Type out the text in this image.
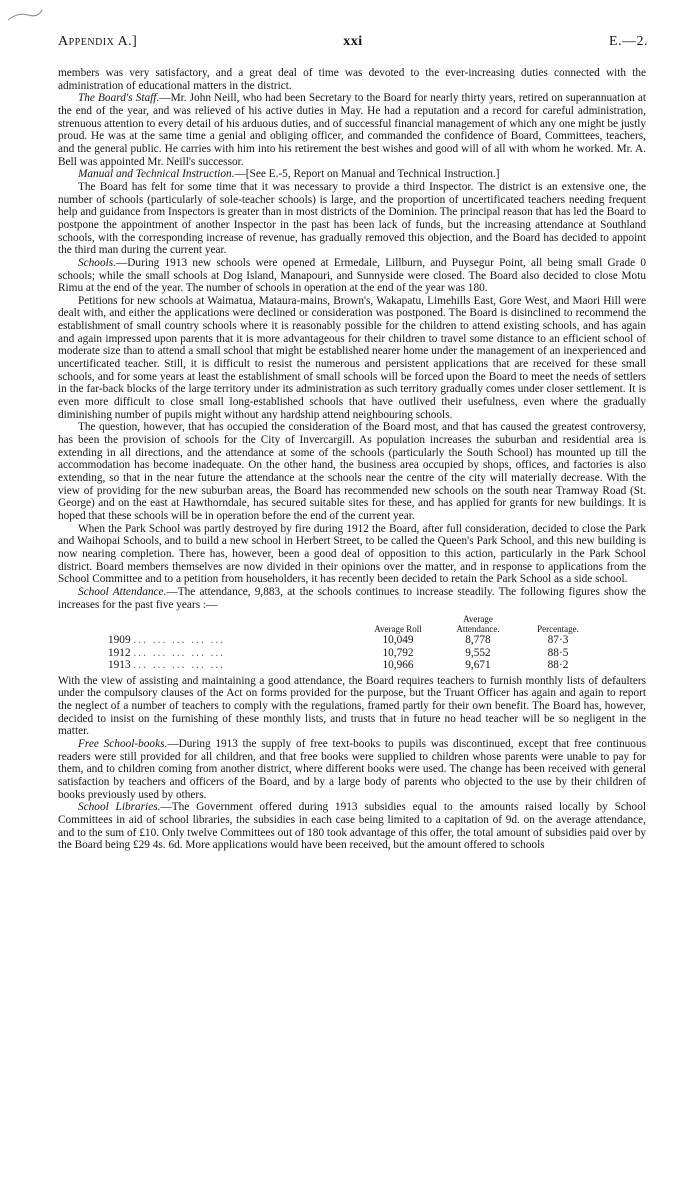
Appendix A.]	xxi	E.—2.

members was very satisfactory, and a great deal of time was devoted to the ever-increasing duties connected with the administration of educational matters in the district.

The Board's Staff.—Mr. John Neill, who had been Secretary to the Board for nearly thirty years, retired on superannuation at the end of the year, and was relieved of his active duties in May. He had a reputation and a record for careful administration, strenuous attention to every detail of his arduous duties, and of successful financial management of which any one might be justly proud. He was at the same time a genial and obliging officer, and commanded the confidence of Board, Committees, teachers, and the general public. He carries with him into his retirement the best wishes and good will of all with whom he worked. Mr. A. Bell was appointed Mr. Neill's successor.

Manual and Technical Instruction.—[See E.-5, Report on Manual and Technical Instruction.]

The Board has felt for some time that it was necessary to provide a third Inspector. The district is an extensive one, the number of schools (particularly of sole-teacher schools) is large, and the proportion of uncertificated teachers needing frequent help and guidance from Inspectors is greater than in most districts of the Dominion. The principal reason that has led the Board to postpone the appointment of another Inspector in the past has been lack of funds, but the increasing attendance at Southland schools, with the corresponding increase of revenue, has gradually removed this objection, and the Board has decided to appoint the third man during the current year.

Schools.—During 1913 new schools were opened at Ermedale, Lillburn, and Puysegur Point, all being small Grade 0 schools; while the small schools at Dog Island, Manapouri, and Sunnyside were closed. The Board also decided to close Motu Rimu at the end of the year. The number of schools in operation at the end of the year was 180.

Petitions for new schools at Waimatua, Mataura-mains, Brown's, Wakapatu, Limehills East, Gore West, and Maori Hill were dealt with, and either the applications were declined or consideration was postponed. The Board is disinclined to recommend the establishment of small country schools where it is reasonably possible for the children to attend existing schools, and has again and again impressed upon parents that it is more advantageous for their children to travel some distance to an efficient school of moderate size than to attend a small school that might be established nearer home under the management of an inexperienced and uncertificated teacher. Still, it is difficult to resist the numerous and persistent applications that are received for these small schools, and for some years at least the establishment of small schools will be forced upon the Board to meet the needs of settlers in the far-back blocks of the large territory under its administration as such territory gradually comes under closer settlement. It is even more difficult to close small long-established schools that have outlived their usefulness, even where the gradually diminishing number of pupils might without any hardship attend neighbouring schools.

The question, however, that has occupied the consideration of the Board most, and that has caused the greatest controversy, has been the provision of schools for the City of Invercargill. As population increases the suburban and residential area is extending in all directions, and the attendance at some of the schools (particularly the South School) has mounted up till the accommodation has become inadequate. On the other hand, the business area occupied by shops, offices, and factories is also extending, so that in the near future the attendance at the schools near the centre of the city will materially decrease. With the view of providing for the new suburban areas, the Board has recommended new schools on the south near Tramway Road (St. George) and on the east at Hawthorndale, has secured suitable sites for these, and has applied for grants for new buildings. It is hoped that these schools will be in operation before the end of the current year.

When the Park School was partly destroyed by fire during 1912 the Board, after full consideration, decided to close the Park and Waihopai Schools, and to build a new school in Herbert Street, to be called the Queen's Park School, and this new building is now nearing completion. There has, however, been a good deal of opposition to this action, particularly in the Park School district. Board members themselves are now divided in their opinions over the matter, and in response to applications from the School Committee and to a petition from householders, it has recently been decided to retain the Park School as a side school.

School Attendance.—The attendance, 9,883, at the schools continues to increase steadily. The following figures show the increases for the past five years :—

	Average Roll	Average Attendance.	Percentage.
1909 ... ... ... ... ...	10,049	8,778	87·3
1912 ... ... ... ... ...	10,792	9,552	88·5
1913 ... ... ... ... ...	10,966	9,671	88·2

With the view of assisting and maintaining a good attendance, the Board requires teachers to furnish monthly lists of defaulters under the compulsory clauses of the Act on forms provided for the purpose, but the Truant Officer has again and again to report the neglect of a number of teachers to comply with the regulations, framed partly for their own benefit. The Board has, however, decided to insist on the furnishing of these monthly lists, and trusts that in future no head teacher will be so negligent in the matter.

Free School-books.—During 1913 the supply of free text-books to pupils was discontinued, except that free continuous readers were still provided for all children, and that free books were supplied to children whose parents were unable to pay for them, and to children coming from another district, where different books were used. The change has been received with general satisfaction by teachers and officers of the Board, and by a large body of parents who objected to the use by their children of books previously used by others.

School Libraries.—The Government offered during 1913 subsidies equal to the amounts raised locally by School Committees in aid of school libraries, the subsidies in each case being limited to a capitation of 9d. on the average attendance, and to the sum of £10. Only twelve Committees out of 180 took advantage of this offer, the total amount of subsidies paid over by the Board being £29 4s. 6d. More applications would have been received, but the amount offered to schools
